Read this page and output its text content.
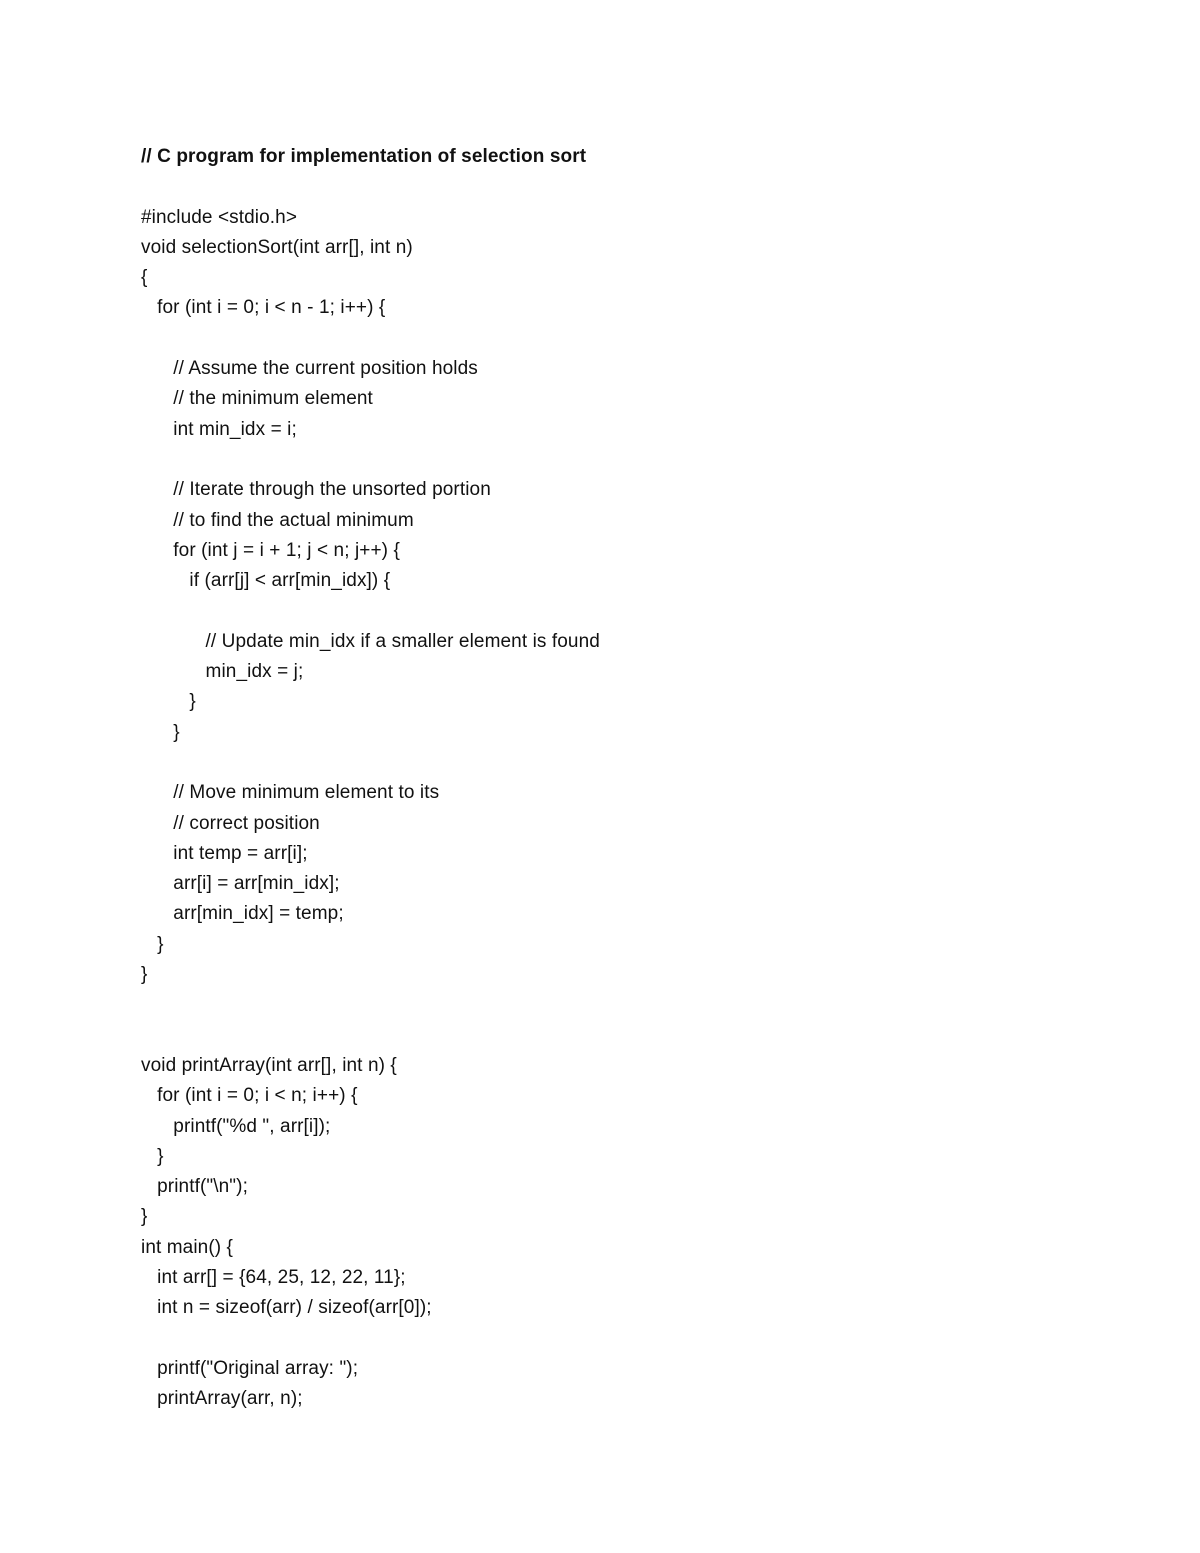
// C program for implementation of selection sort
#include <stdio.h>
void selectionSort(int arr[], int n)
{
for (int i = 0; i < n - 1; i++) {
// Assume the current position holds
// the minimum element
int min_idx = i;
// Iterate through the unsorted portion
// to find the actual minimum
for (int j = i + 1; j < n; j++) {
if (arr[j] < arr[min_idx]) {
// Update min_idx if a smaller element is found
min_idx = j;
}
}
// Move minimum element to its
// correct position
int temp = arr[i];
arr[i] = arr[min_idx];
arr[min_idx] = temp;
}
}
void printArray(int arr[], int n) {
for (int i = 0; i < n; i++) {
printf("%d ", arr[i]);
}
printf("\n");
}
int main() {
int arr[] = {64, 25, 12, 22, 11};
int n = sizeof(arr) / sizeof(arr[0]);
printf("Original array: ");
printArray(arr, n);
